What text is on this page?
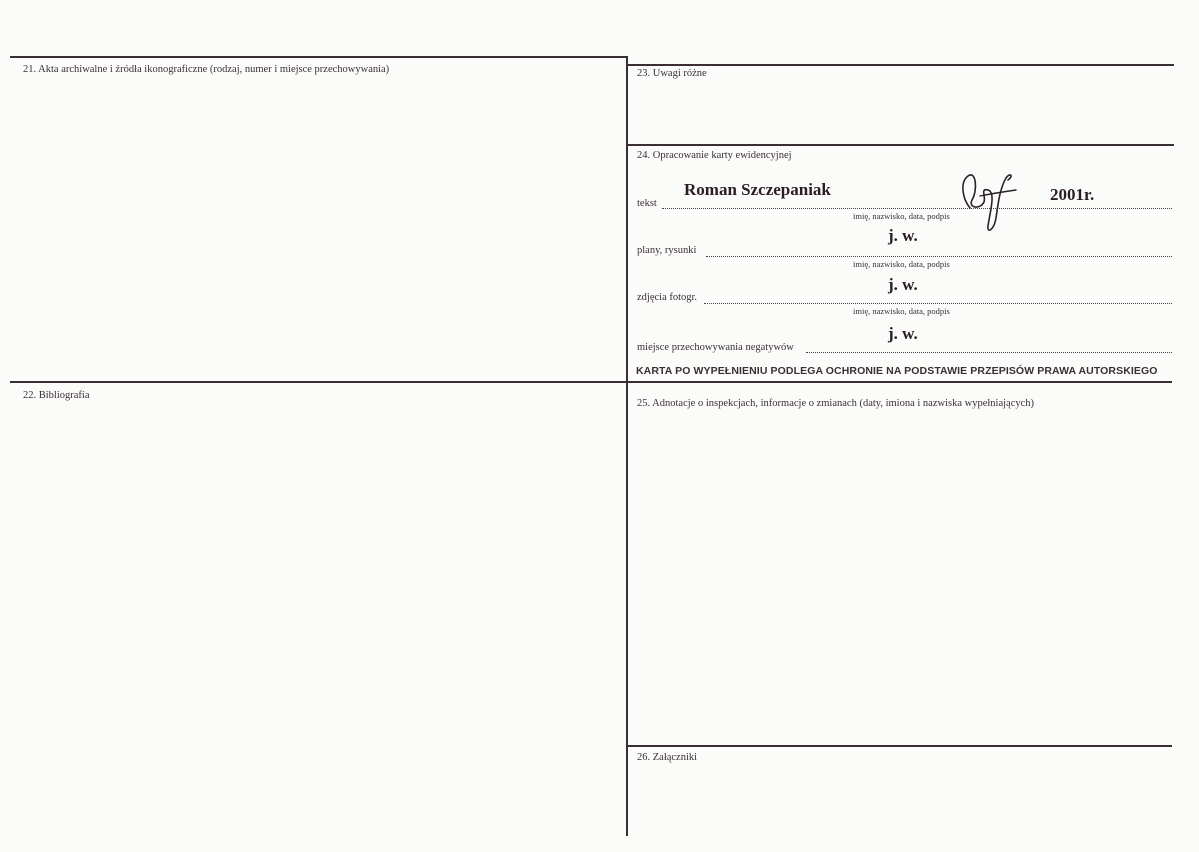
21. Akta archiwalne i źródła ikonograficzne (rodzaj, numer i miejsce przechowywania)
22. Bibliografia
23. Uwagi różne
24. Opracowanie karty ewidencyjnej
25. Adnotacje o inspekcjach, informacje o zmianach (daty, imiona i nazwiska wypełniających)
26. Załączniki
Roman Szczepaniak	2001r.
tekst
imię, nazwisko, data, podpis
j. w.
plany, rysunki
imię, nazwisko, data, podpis
j. w.
zdjęcia fotogr.
imię, nazwisko, data, podpis
j. w.
miejsce przechowywania negatywów
KARTA PO WYPEŁNIENIU PODLEGA OCHRONIE NA PODSTAWIE PRZEPISÓW PRAWA AUTORSKIEGO
